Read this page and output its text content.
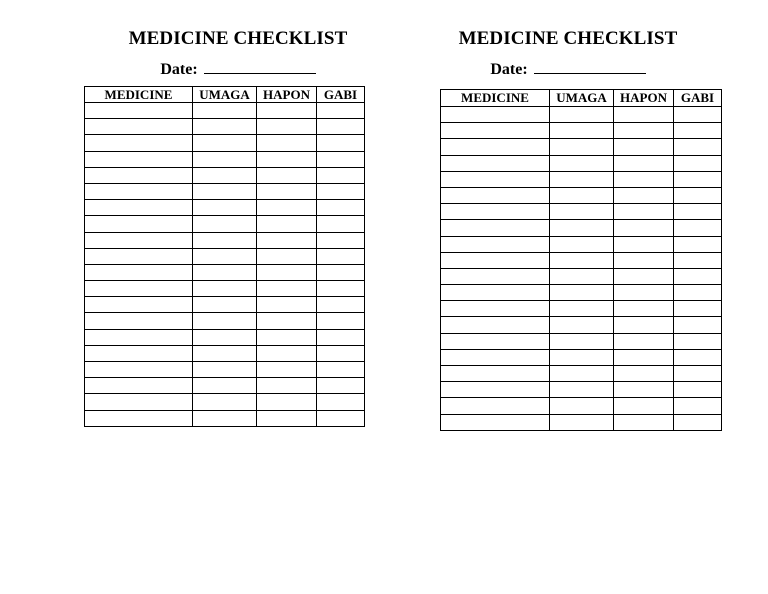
MEDICINE CHECKLIST
Date:
MEDICINE	UMAGA	HAPON	GABI

MEDICINE CHECKLIST
Date:
MEDICINE	UMAGA	HAPON	GABI
